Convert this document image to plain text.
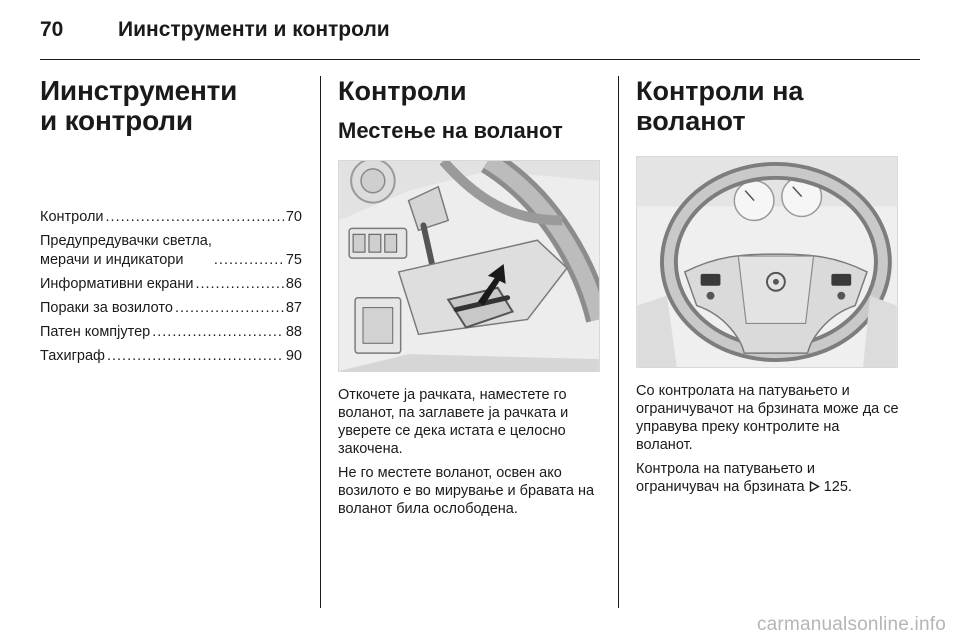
70	Иинструменти и контроли
Иинструменти
и контроли
Контроли .....	70
Предупредувачки светла,
мерачи и индикатори .....	75
Информативни екрани .....	86
Пораки за возилото .....	87
Патен компјутер .....	88
Тахиграф .....	90
Контроли
Местење на воланот
Откочете ја рачката, наместете го воланот, па заглавете ја рачката и уверете се дека истата е целосно закочена.
Не го местете воланот, освен ако возилото е во мирување и бравата на воланот била ослободена.
Контроли на воланот
Со контролата на патувањето и ограничувачот на брзината може да се управува преку контролите на воланот.
Контрола на патувањето и ограничувач на брзината  125.
carmanualsonline.info
